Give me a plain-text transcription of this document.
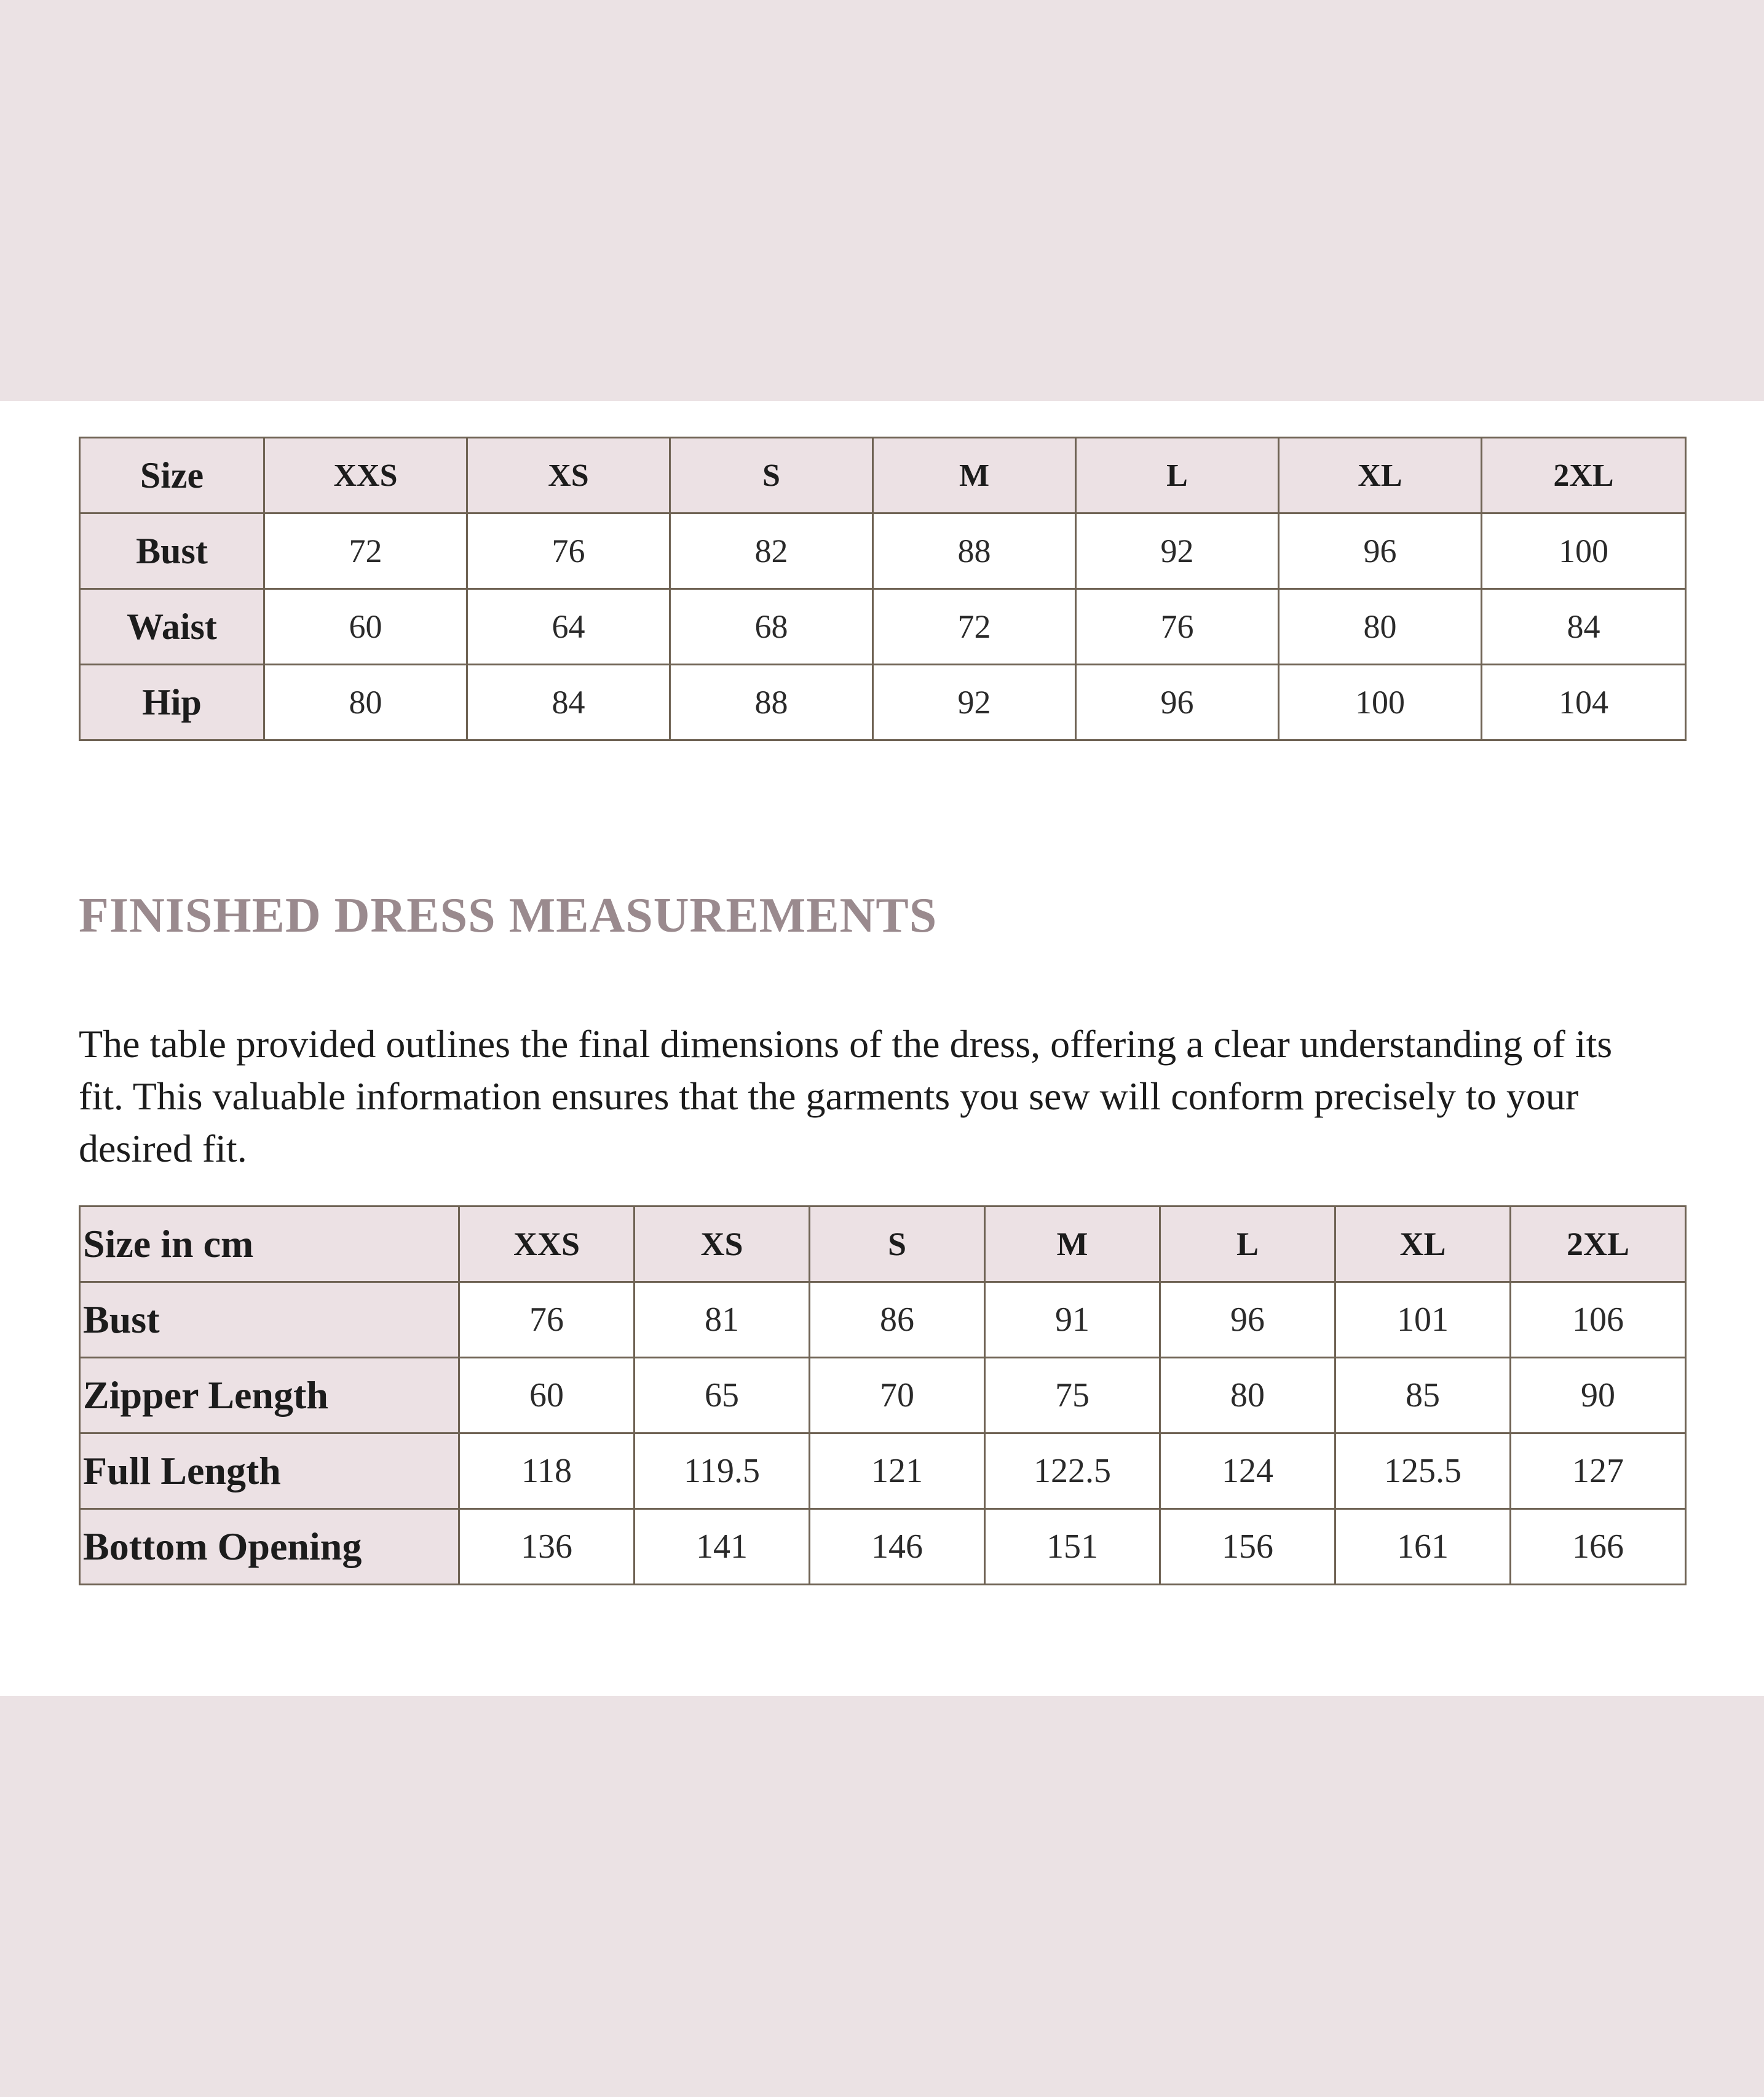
Size	XXS	XS	S	M	L	XL	2XL
Bust	72	76	82	88	92	96	100
Waist	60	64	68	72	76	80	84
Hip	80	84	88	92	96	100	104
FINISHED DRESS MEASUREMENTS

The table provided outlines the final dimensions of the dress, offering a clear understanding of its fit. This valuable information ensures that the garments you sew will conform precisely to your desired fit.

Size in cm	XXS	XS	S	M	L	XL	2XL
Bust	76	81	86	91	96	101	106
Zipper Length	60	65	70	75	80	85	90
Full Length	118	119.5	121	122.5	124	125.5	127
Bottom Opening	136	141	146	151	156	161	166
